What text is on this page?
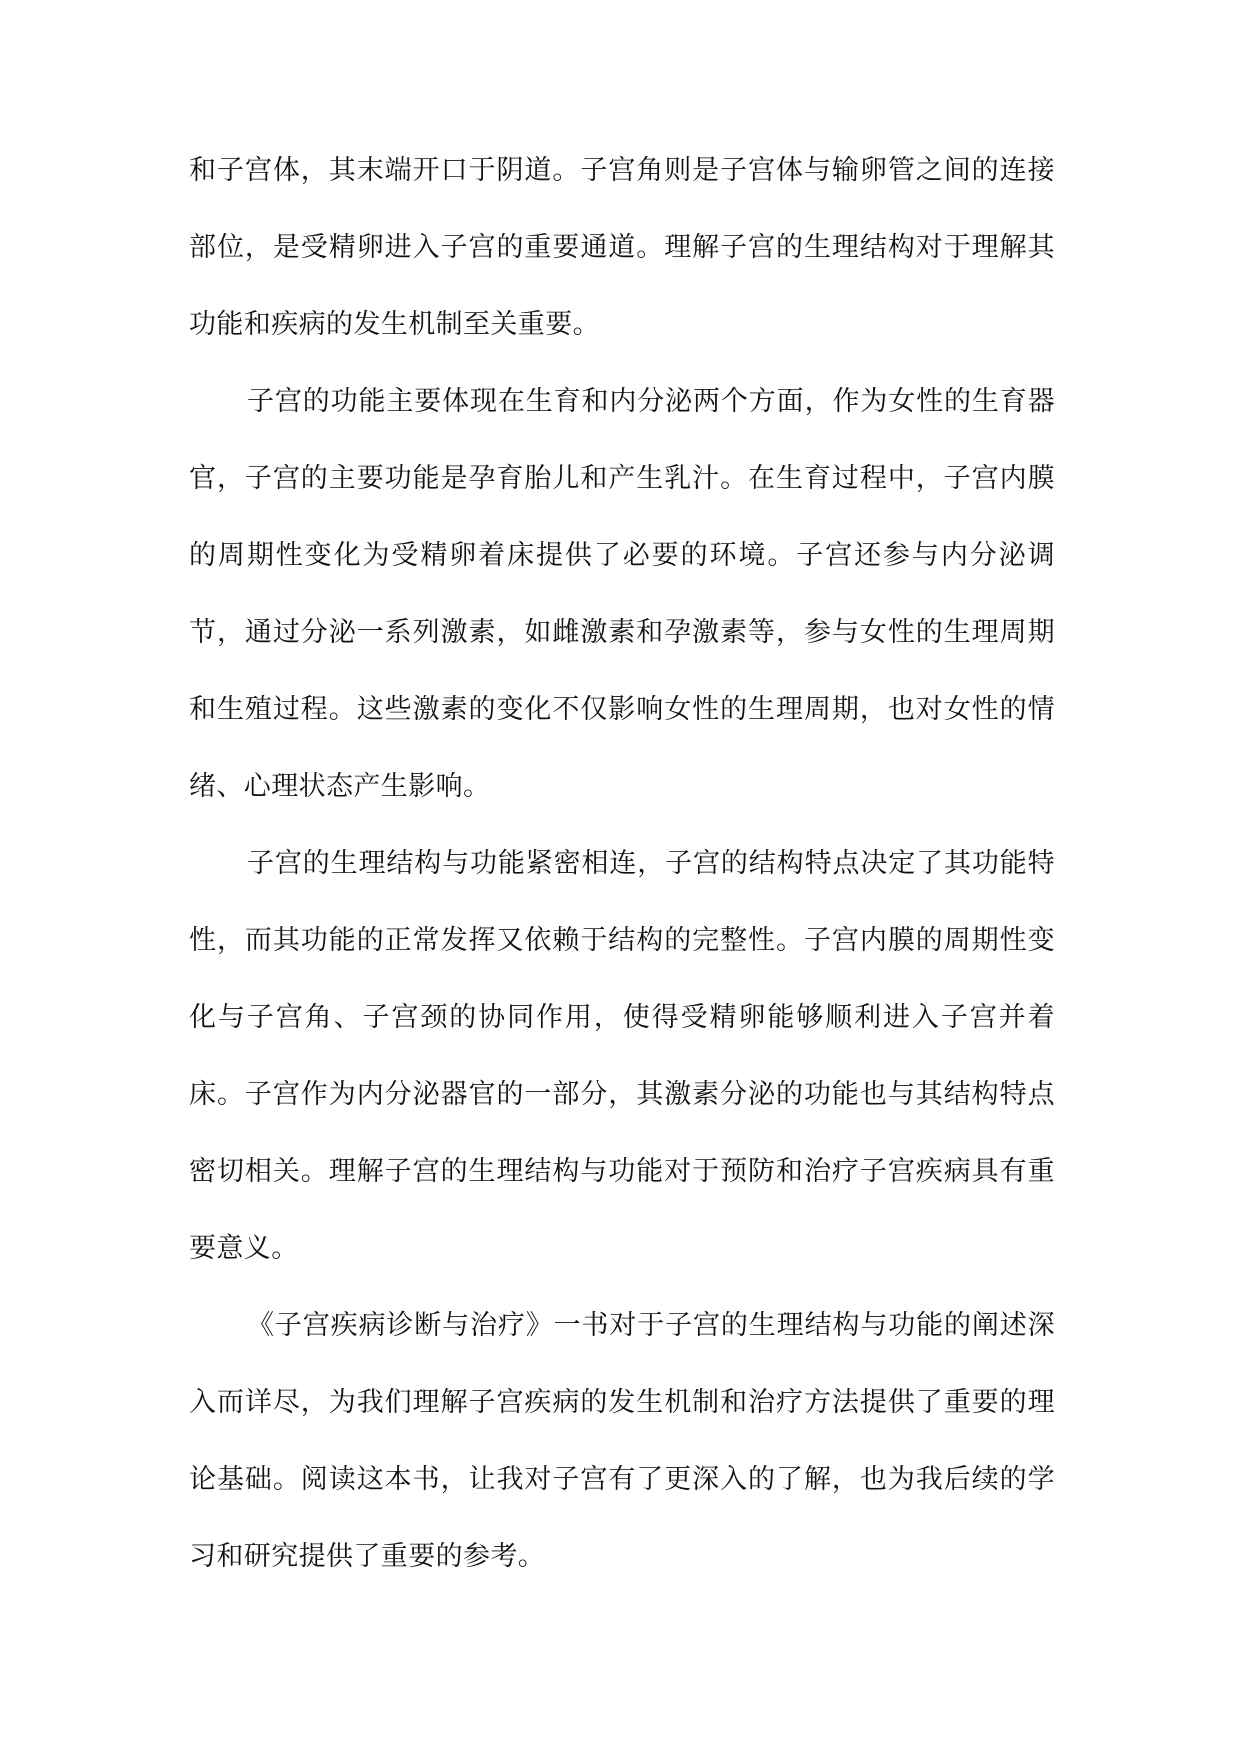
和子宫体，其末端开口于阴道。子宫角则是子宫体与输卵管之间的连接部位，是受精卵进入子宫的重要通道。理解子宫的生理结构对于理解其功能和疾病的发生机制至关重要。

子宫的功能主要体现在生育和内分泌两个方面，作为女性的生育器官，子宫的主要功能是孕育胎儿和产生乳汁。在生育过程中，子宫内膜的周期性变化为受精卵着床提供了必要的环境。子宫还参与内分泌调节，通过分泌一系列激素，如雌激素和孕激素等，参与女性的生理周期和生殖过程。这些激素的变化不仅影响女性的生理周期，也对女性的情绪、心理状态产生影响。

子宫的生理结构与功能紧密相连，子宫的结构特点决定了其功能特性，而其功能的正常发挥又依赖于结构的完整性。子宫内膜的周期性变化与子宫角、子宫颈的协同作用，使得受精卵能够顺利进入子宫并着床。子宫作为内分泌器官的一部分，其激素分泌的功能也与其结构特点密切相关。理解子宫的生理结构与功能对于预防和治疗子宫疾病具有重要意义。

《子宫疾病诊断与治疗》一书对于子宫的生理结构与功能的阐述深入而详尽，为我们理解子宫疾病的发生机制和治疗方法提供了重要的理论基础。阅读这本书，让我对子宫有了更深入的了解，也为我后续的学习和研究提供了重要的参考。
